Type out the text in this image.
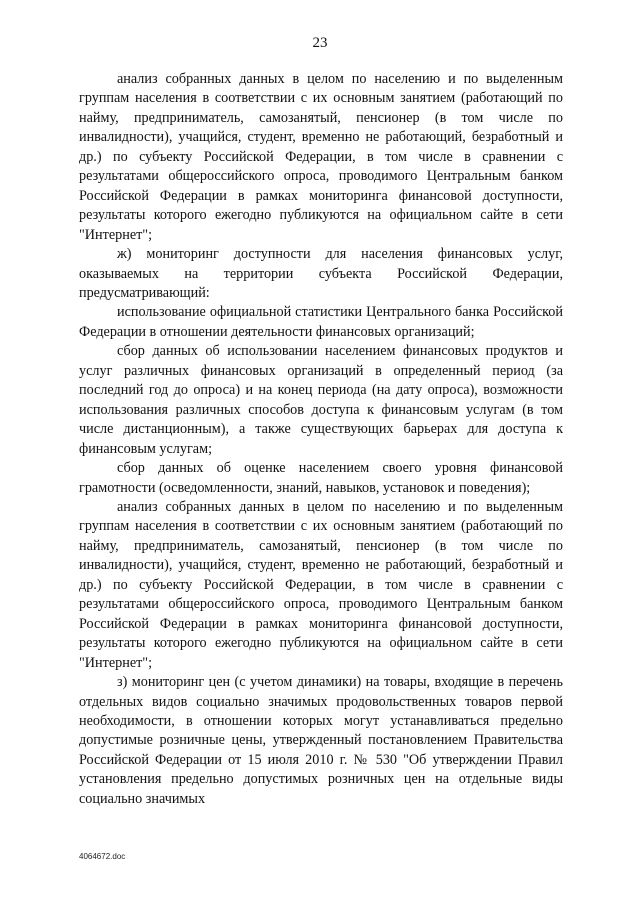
23

анализ собранных данных в целом по населению и по выделенным группам населения в соответствии с их основным занятием (работающий по найму, предприниматель, самозанятый, пенсионер (в том числе по инвалидности), учащийся, студент, временно не работающий, безработный и др.) по субъекту Российской Федерации, в том числе в сравнении с результатами общероссийского опроса, проводимого Центральным банком Российской Федерации в рамках мониторинга финансовой доступности, результаты которого ежегодно публикуются на официальном сайте в сети "Интернет";

ж) мониторинг доступности для населения финансовых услуг, оказываемых на территории субъекта Российской Федерации, предусматривающий:

использование официальной статистики Центрального банка Российской Федерации в отношении деятельности финансовых организаций;

сбор данных об использовании населением финансовых продуктов и услуг различных финансовых организаций в определенный период (за последний год до опроса) и на конец периода (на дату опроса), возможности использования различных способов доступа к финансовым услугам (в том числе дистанционным), а также существующих барьерах для доступа к финансовым услугам;

сбор данных об оценке населением своего уровня финансовой грамотности (осведомленности, знаний, навыков, установок и поведения);

анализ собранных данных в целом по населению и по выделенным группам населения в соответствии с их основным занятием (работающий по найму, предприниматель, самозанятый, пенсионер (в том числе по инвалидности), учащийся, студент, временно не работающий, безработный и др.) по субъекту Российской Федерации, в том числе в сравнении с результатами общероссийского опроса, проводимого Центральным банком Российской Федерации в рамках мониторинга финансовой доступности, результаты которого ежегодно публикуются на официальном сайте в сети "Интернет";

з) мониторинг цен (с учетом динамики) на товары, входящие в перечень отдельных видов социально значимых продовольственных товаров первой необходимости, в отношении которых могут устанавливаться предельно допустимые розничные цены, утвержденный постановлением Правительства Российской Федерации от 15 июля 2010 г. № 530 "Об утверждении Правил установления предельно допустимых розничных цен на отдельные виды социально значимых

4064672.doc
